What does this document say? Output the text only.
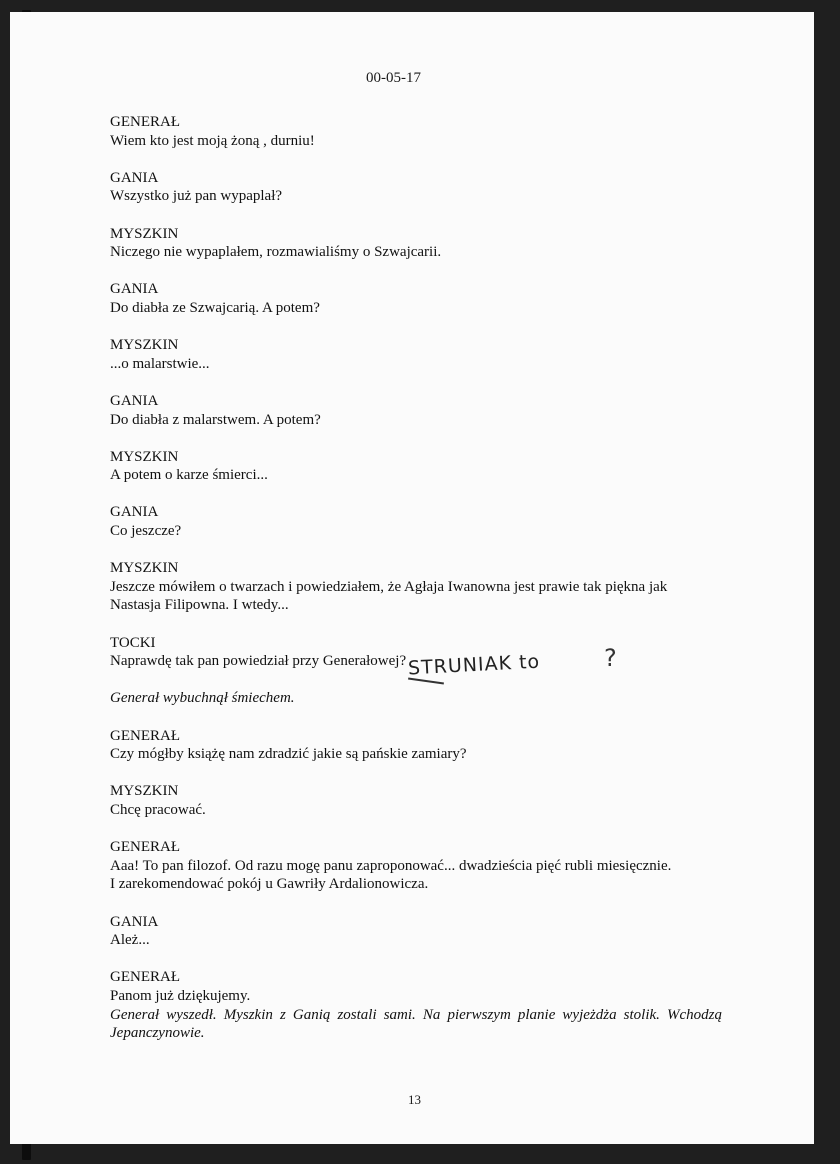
00-05-17
GENERAŁ
Wiem kto jest moją żoną , durniu!
GANIA
Wszystko już pan wypaplał?
MYSZKIN
Niczego nie wypaplałem, rozmawialiśmy o Szwajcarii.
GANIA
Do diabła ze Szwajcarią. A potem?
MYSZKIN
...o malarstwie...
GANIA
Do diabła z malarstwem. A potem?
MYSZKIN
A potem o karze śmierci...
GANIA
Co jeszcze?
MYSZKIN
Jeszcze mówiłem o twarzach i powiedziałem, że Agłaja Iwanowna jest prawie tak piękna jak
Nastasja Filipowna. I wtedy...
TOCKI
Naprawdę tak pan powiedział przy Generałowej?
Generał wybuchnął śmiechem.
GENERAŁ
Czy mógłby książę nam zdradzić jakie są pańskie zamiary?
MYSZKIN
Chcę pracować.
GENERAŁ
Aaa! To pan filozof. Od razu mogę panu zaproponować... dwadzieścia pięć rubli miesięcznie.
I zarekomendować pokój u Gawriły Ardalionowicza.
GANIA
Ależ...
GENERAŁ
Panom już dziękujemy.
Generał wyszedł. Myszkin z Ganią zostali sami. Na pierwszym planie wyjeżdża stolik. Wchodzą Jepanczynowie.
STRUNIAK to	?
13
